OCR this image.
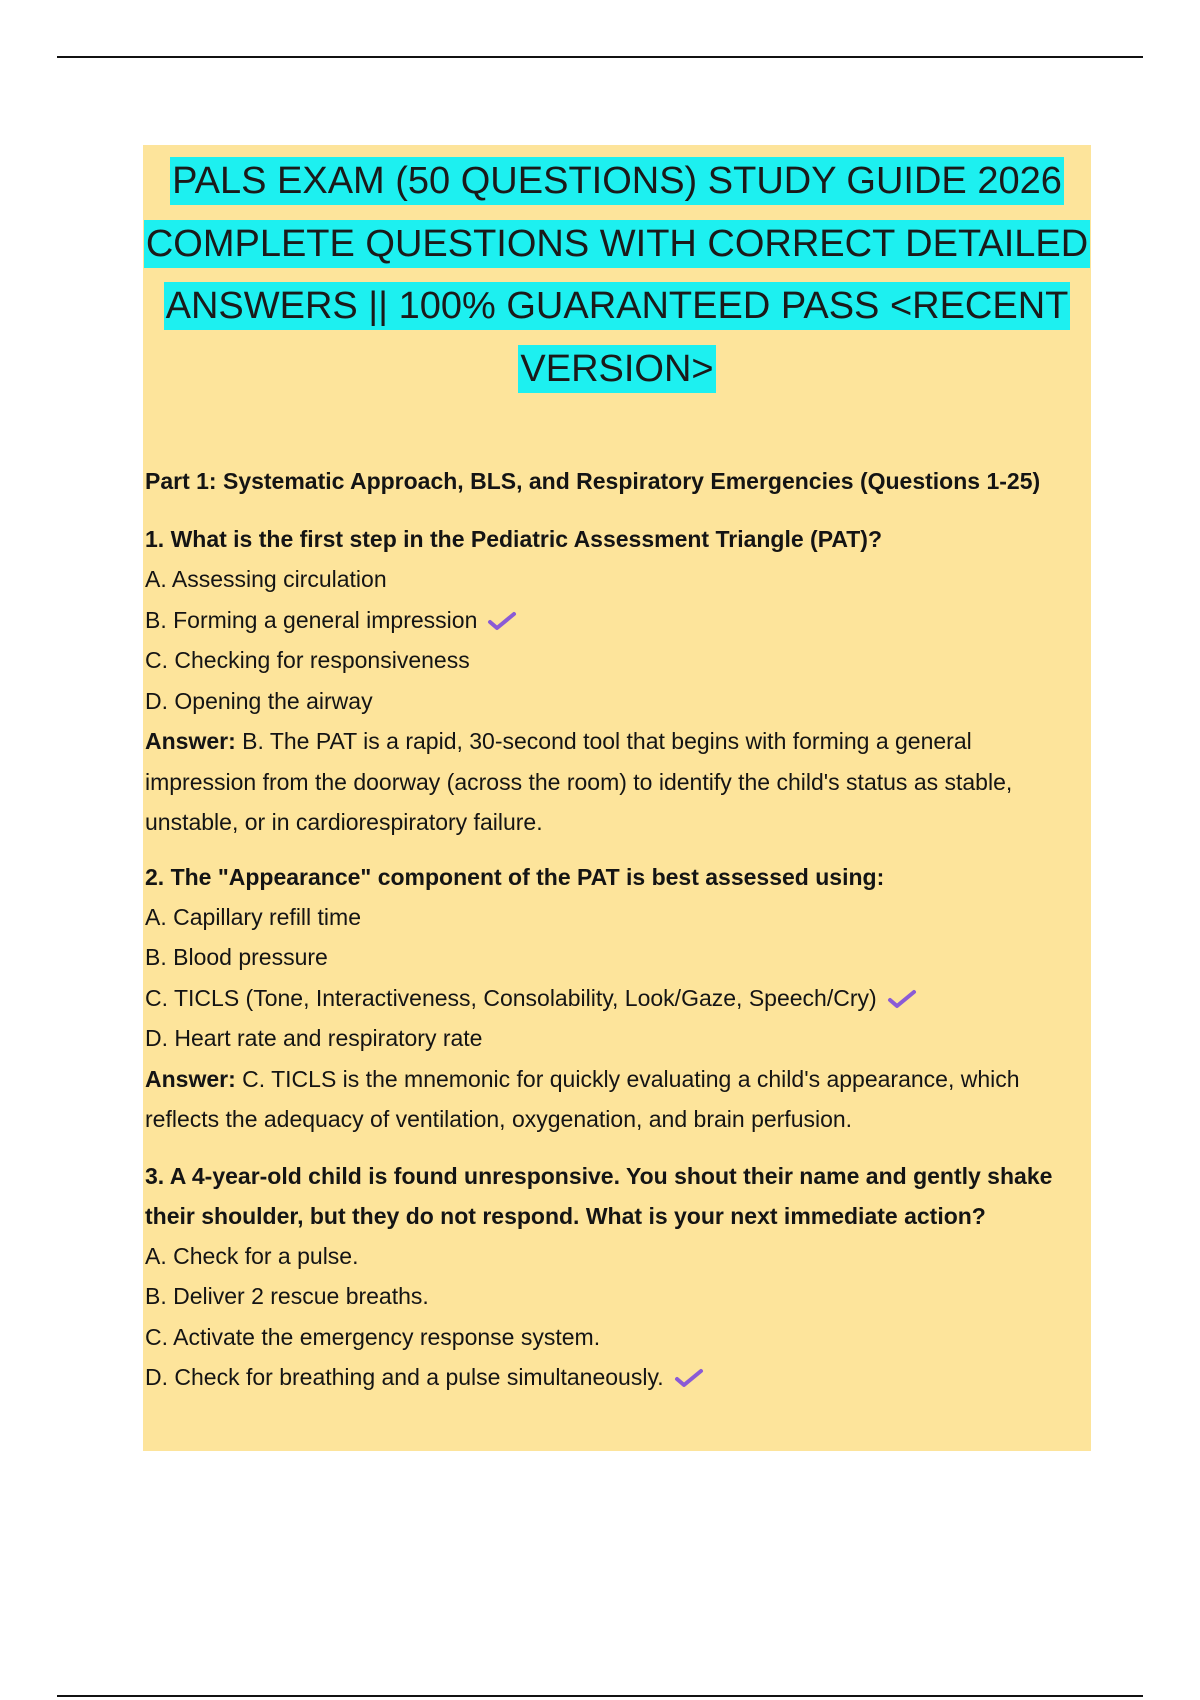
PALS EXAM (50 QUESTIONS) STUDY GUIDE 2026
COMPLETE QUESTIONS WITH CORRECT DETAILED
ANSWERS || 100% GUARANTEED PASS <RECENT
VERSION>

Part 1: Systematic Approach, BLS, and Respiratory Emergencies (Questions 1-25)

1. What is the first step in the Pediatric Assessment Triangle (PAT)?

A. Assessing circulation
B. Forming a general impression
C. Checking for responsiveness
D. Opening the airway

Answer: B. The PAT is a rapid, 30-second tool that begins with forming a general impression from the doorway (across the room) to identify the child's status as stable, unstable, or in cardiorespiratory failure.

2. The "Appearance" component of the PAT is best assessed using:

A. Capillary refill time
B. Blood pressure
C. TICLS (Tone, Interactiveness, Consolability, Look/Gaze, Speech/Cry)
D. Heart rate and respiratory rate

Answer: C. TICLS is the mnemonic for quickly evaluating a child's appearance, which reflects the adequacy of ventilation, oxygenation, and brain perfusion.

3. A 4-year-old child is found unresponsive. You shout their name and gently shake their shoulder, but they do not respond. What is your next immediate action?

A. Check for a pulse.
B. Deliver 2 rescue breaths.
C. Activate the emergency response system.
D. Check for breathing and a pulse simultaneously.
